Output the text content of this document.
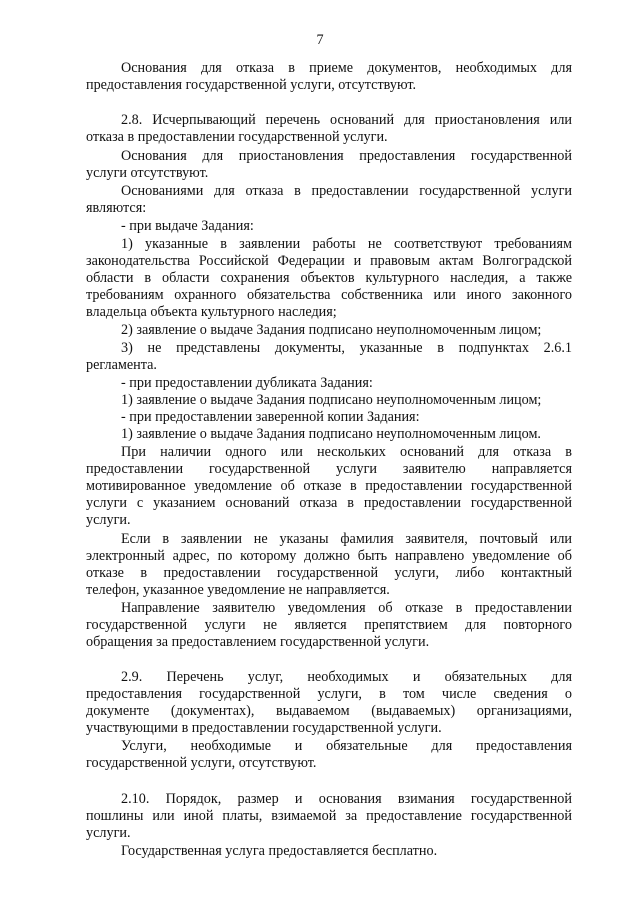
7
Основания для отказа в приеме документов, необходимых для
предоставления государственной услуги, отсутствуют.
2.8. Исчерпывающий перечень оснований для приостановления или
отказа в предоставлении государственной услуги.
Основания для приостановления предоставления государственной
услуги отсутствуют.
Основаниями для отказа в предоставлении государственной услуги
являются:
- при выдаче Задания:
1) указанные в заявлении работы не соответствуют требованиям
законодательства Российской Федерации и правовым актам Волгоградской
области в области сохранения объектов культурного наследия, а также
требованиям охранного обязательства собственника или иного законного
владельца объекта культурного наследия;
2) заявление о выдаче Задания подписано неуполномоченным лицом;
3) не представлены документы, указанные в подпунктах 2.6.1
регламента.
- при предоставлении дубликата Задания:
1) заявление о выдаче Задания подписано неуполномоченным лицом;
- при предоставлении заверенной копии Задания:
1) заявление о выдаче Задания подписано неуполномоченным лицом.
При наличии одного или нескольких оснований для отказа в
предоставлении государственной услуги заявителю направляется
мотивированное уведомление об отказе в предоставлении государственной
услуги с указанием оснований отказа в предоставлении государственной
услуги.
Если в заявлении не указаны фамилия заявителя, почтовый или
электронный адрес, по которому должно быть направлено уведомление об
отказе в предоставлении государственной услуги, либо контактный
телефон, указанное уведомление не направляется.
Направление заявителю уведомления об отказе в предоставлении
государственной услуги не является препятствием для повторного
обращения за предоставлением государственной услуги.
2.9. Перечень услуг, необходимых и обязательных для
предоставления государственной услуги, в том числе сведения о
документе (документах), выдаваемом (выдаваемых) организациями,
участвующими в предоставлении государственной услуги.
Услуги, необходимые и обязательные для предоставления
государственной услуги, отсутствуют.
2.10. Порядок, размер и основания взимания государственной
пошлины или иной платы, взимаемой за предоставление государственной
услуги.
Государственная услуга предоставляется бесплатно.
